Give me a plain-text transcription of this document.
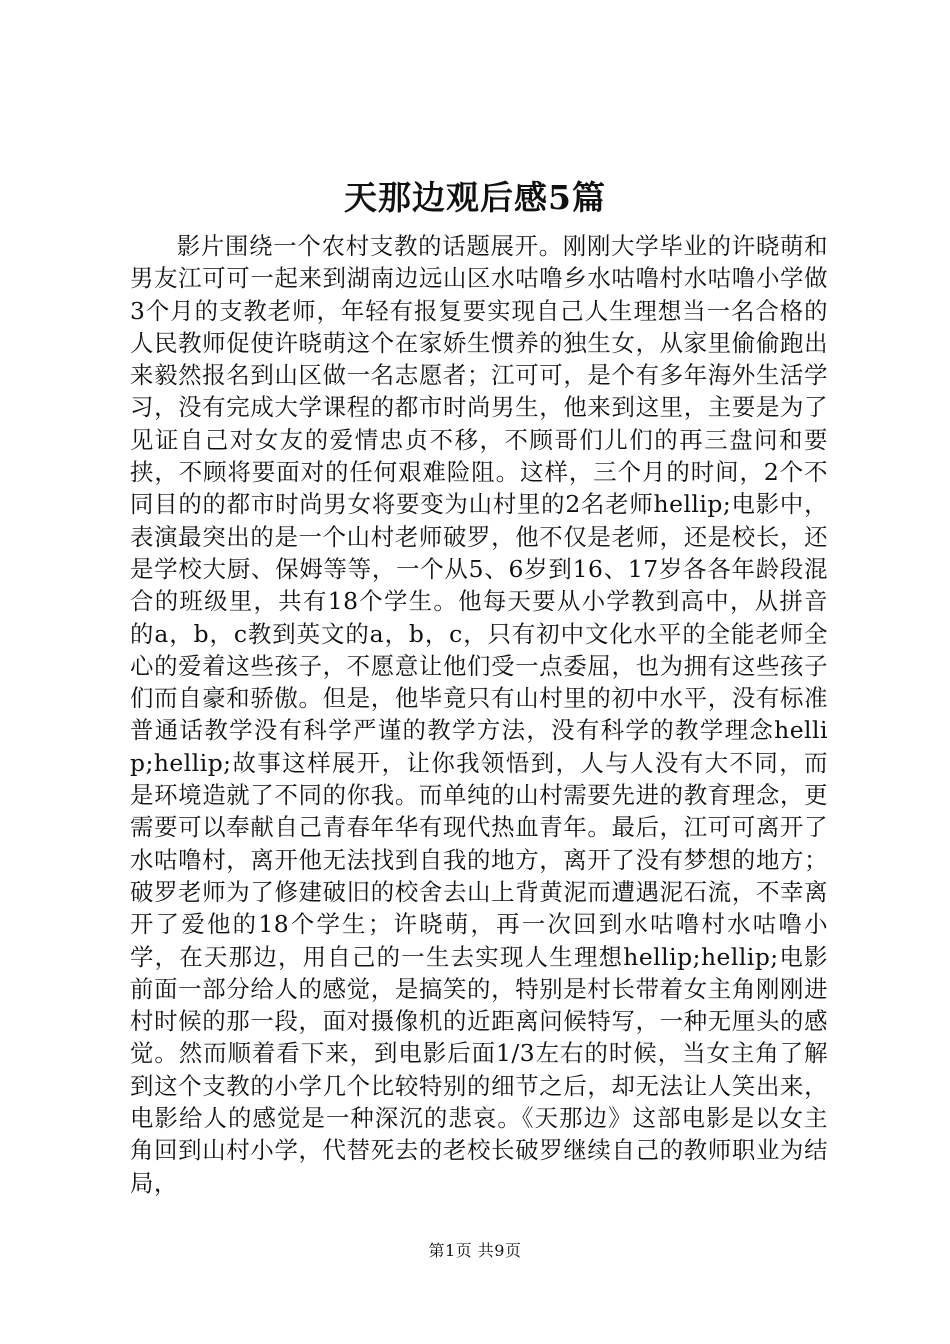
天那边观后感5篇

影片围绕一个农村支教的话题展开。刚刚大学毕业的许晓萌和男友江可可一起来到湖南边远山区水咕噜乡水咕噜村水咕噜小学做3个月的支教老师，年轻有报复要实现自己人生理想当一名合格的人民教师促使许晓萌这个在家娇生惯养的独生女，从家里偷偷跑出来毅然报名到山区做一名志愿者；江可可，是个有多年海外生活学习，没有完成大学课程的都市时尚男生，他来到这里，主要是为了见证自己对女友的爱情忠贞不移，不顾哥们儿们的再三盘问和要挟，不顾将要面对的任何艰难险阻。这样，三个月的时间，2个不同目的的都市时尚男女将要变为山村里的2名老师hellip;电影中，表演最突出的是一个山村老师破罗，他不仅是老师，还是校长，还是学校大厨、保姆等等，一个从5、6岁到16、17岁各各年龄段混合的班级里，共有18个学生。他每天要从小学教到高中，从拼音的a，b，c教到英文的a，b，c，只有初中文化水平的全能老师全心的爱着这些孩子，不愿意让他们受一点委屈，也为拥有这些孩子们而自豪和骄傲。但是，他毕竟只有山村里的初中水平，没有标准普通话教学没有科学严谨的教学方法，没有科学的教学理念hellip;hellip;故事这样展开，让你我领悟到，人与人没有大不同，而是环境造就了不同的你我。而单纯的山村需要先进的教育理念，更需要可以奉献自己青春年华有现代热血青年。最后，江可可离开了水咕噜村，离开他无法找到自我的地方，离开了没有梦想的地方；破罗老师为了修建破旧的校舍去山上背黄泥而遭遇泥石流，不幸离开了爱他的18个学生；许晓萌，再一次回到水咕噜村水咕噜小学，在天那边，用自己的一生去实现人生理想hellip;hellip;电影前面一部分给人的感觉，是搞笑的，特别是村长带着女主角刚刚进村时候的那一段，面对摄像机的近距离问候特写，一种无厘头的感觉。然而顺着看下来，到电影后面1/3左右的时候，当女主角了解到这个支教的小学几个比较特别的细节之后，却无法让人笑出来，电影给人的感觉是一种深沉的悲哀。《天那边》这部电影是以女主角回到山村小学，代替死去的老校长破罗继续自己的教师职业为结局，

第1页 共9页
